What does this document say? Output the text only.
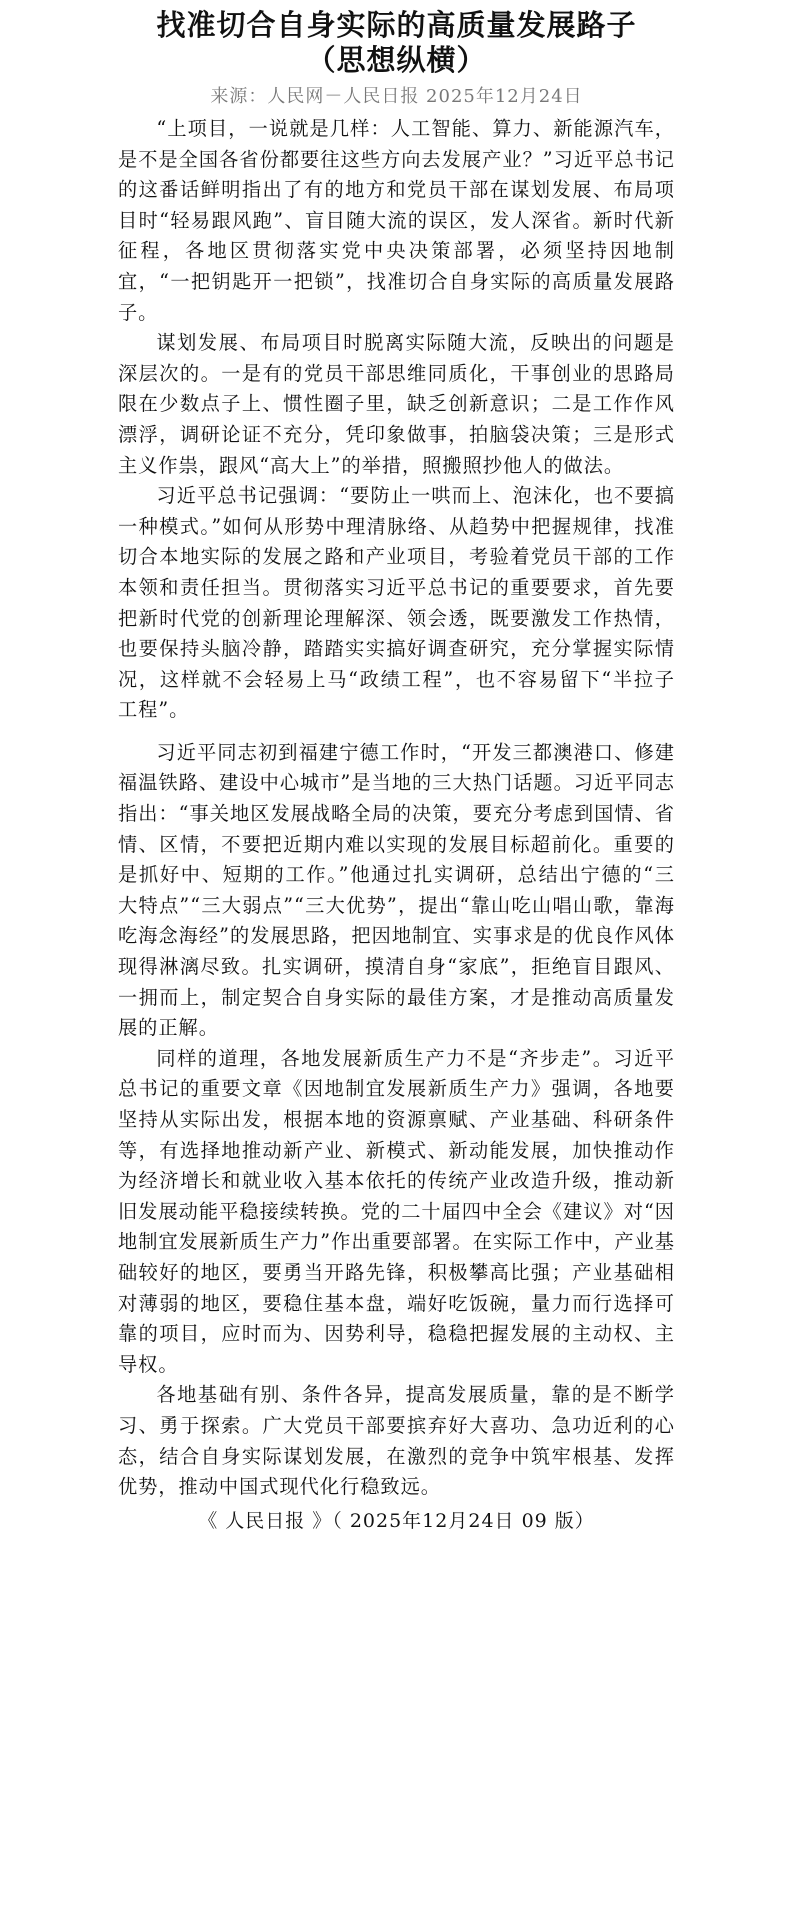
找准切合自身实际的高质量发展路子
（思想纵横）
来源：人民网－人民日报 2025年12月24日

“上项目，一说就是几样：人工智能、算力、新能源汽车，是不是全国各省份都要往这些方向去发展产业？”习近平总书记的这番话鲜明指出了有的地方和党员干部在谋划发展、布局项目时“轻易跟风跑”、盲目随大流的误区，发人深省。新时代新征程，各地区贯彻落实党中央决策部署，必须坚持因地制宜，“一把钥匙开一把锁”，找准切合自身实际的高质量发展路子。

谋划发展、布局项目时脱离实际随大流，反映出的问题是深层次的。一是有的党员干部思维同质化，干事创业的思路局限在少数点子上、惯性圈子里，缺乏创新意识；二是工作作风漂浮，调研论证不充分，凭印象做事，拍脑袋决策；三是形式主义作祟，跟风“高大上”的举措，照搬照抄他人的做法。

习近平总书记强调：“要防止一哄而上、泡沫化，也不要搞一种模式。”如何从形势中理清脉络、从趋势中把握规律，找准切合本地实际的发展之路和产业项目，考验着党员干部的工作本领和责任担当。贯彻落实习近平总书记的重要要求，首先要把新时代党的创新理论理解深、领会透，既要激发工作热情，也要保持头脑冷静，踏踏实实搞好调查研究，充分掌握实际情况，这样就不会轻易上马“政绩工程”，也不容易留下“半拉子工程”。

习近平同志初到福建宁德工作时，“开发三都澳港口、修建福温铁路、建设中心城市”是当地的三大热门话题。习近平同志指出：“事关地区发展战略全局的决策，要充分考虑到国情、省情、区情，不要把近期内难以实现的发展目标超前化。重要的是抓好中、短期的工作。”他通过扎实调研，总结出宁德的“三大特点”“三大弱点”“三大优势”，提出“靠山吃山唱山歌，靠海吃海念海经”的发展思路，把因地制宜、实事求是的优良作风体现得淋漓尽致。扎实调研，摸清自身“家底”，拒绝盲目跟风、一拥而上，制定契合自身实际的最佳方案，才是推动高质量发展的正解。

同样的道理，各地发展新质生产力不是“齐步走”。习近平总书记的重要文章《因地制宜发展新质生产力》强调，各地要坚持从实际出发，根据本地的资源禀赋、产业基础、科研条件等，有选择地推动新产业、新模式、新动能发展，加快推动作为经济增长和就业收入基本依托的传统产业改造升级，推动新旧发展动能平稳接续转换。党的二十届四中全会《建议》对“因地制宜发展新质生产力”作出重要部署。在实际工作中，产业基础较好的地区，要勇当开路先锋，积极攀高比强；产业基础相对薄弱的地区，要稳住基本盘，端好吃饭碗，量力而行选择可靠的项目，应时而为、因势利导，稳稳把握发展的主动权、主导权。

各地基础有别、条件各异，提高发展质量，靠的是不断学习、勇于探索。广大党员干部要摈弃好大喜功、急功近利的心态，结合自身实际谋划发展，在激烈的竞争中筑牢根基、发挥优势，推动中国式现代化行稳致远。

《 人民日报 》（ 2025年12月24日 09 版）
